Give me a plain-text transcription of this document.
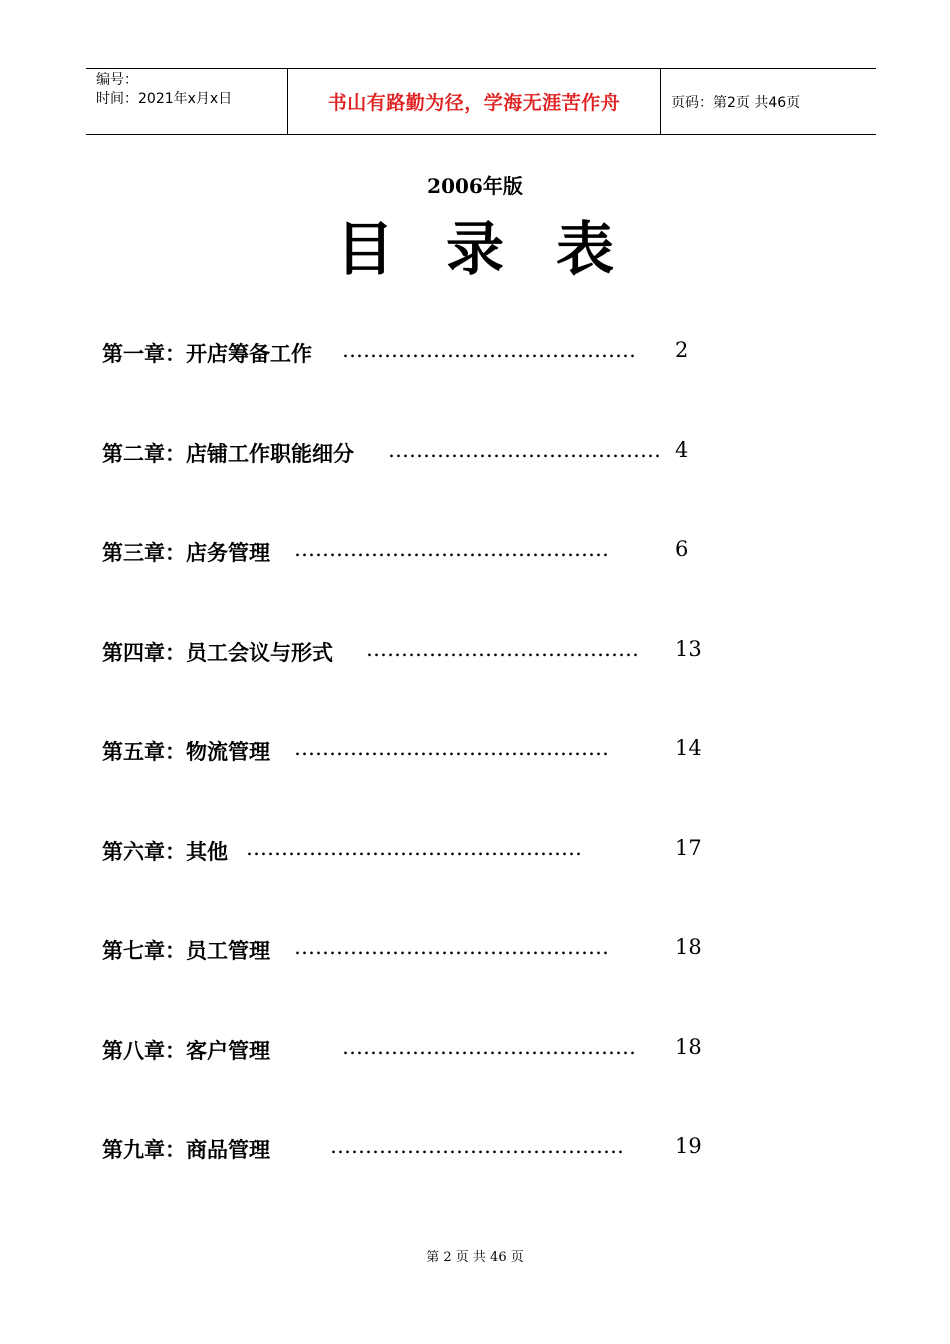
编号：
时间：2021年x月x日	书山有路勤为径，学海无涯苦作舟	页码：第2页 共46页
2006年版
目录表
第一章：开店筹备工作 ……………………………………	2
第二章：店铺工作职能细分 ………………………………… 4
第三章：店务管理 ………………………………………	6
第四章：员工会议与形式 …………………………………	13
第五章：物流管理 ………………………………………	14
第六章：其他 …………………………………………	17
第七章：员工管理 ………………………………………	18
第八章：客户管理	……………………………………	18
第九章：商品管理	……………………………………	19
第 2 页 共 46 页
